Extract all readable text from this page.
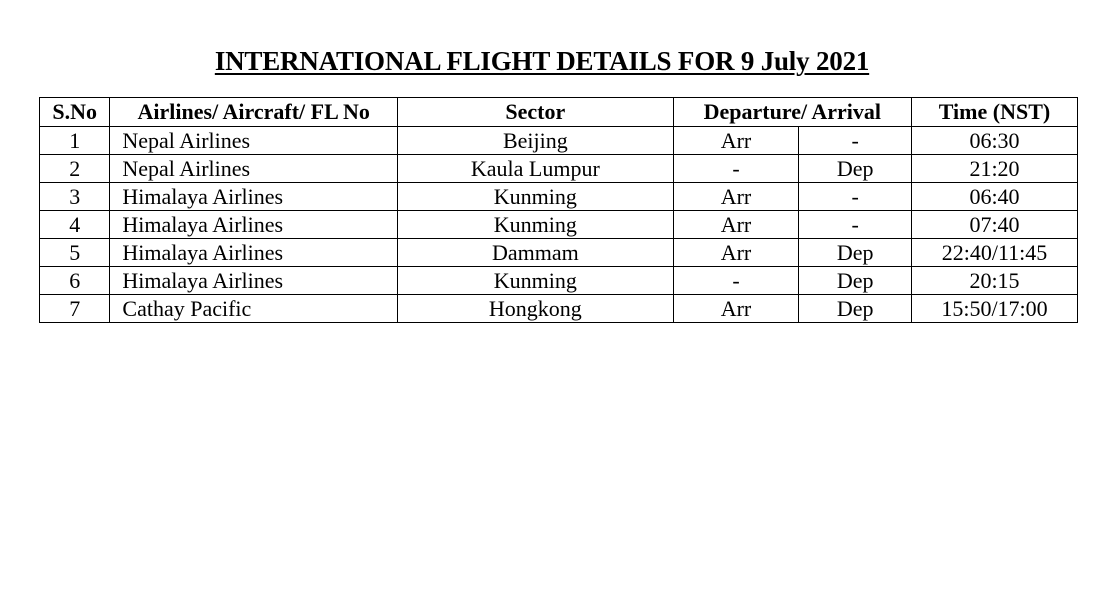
INTERNATIONAL FLIGHT DETAILS FOR 9 July 2021
S.No	Airlines/ Aircraft/ FL No	Sector	Departure/ Arrival		Time (NST)
1	Nepal Airlines	Beijing	Arr	-	06:30
2	Nepal Airlines	Kaula Lumpur	-	Dep	21:20
3	Himalaya Airlines	Kunming	Arr	-	06:40
4	Himalaya Airlines	Kunming	Arr	-	07:40
5	Himalaya Airlines	Dammam	Arr	Dep	22:40/11:45
6	Himalaya Airlines	Kunming	-	Dep	20:15
7	Cathay Pacific	Hongkong	Arr	Dep	15:50/17:00
